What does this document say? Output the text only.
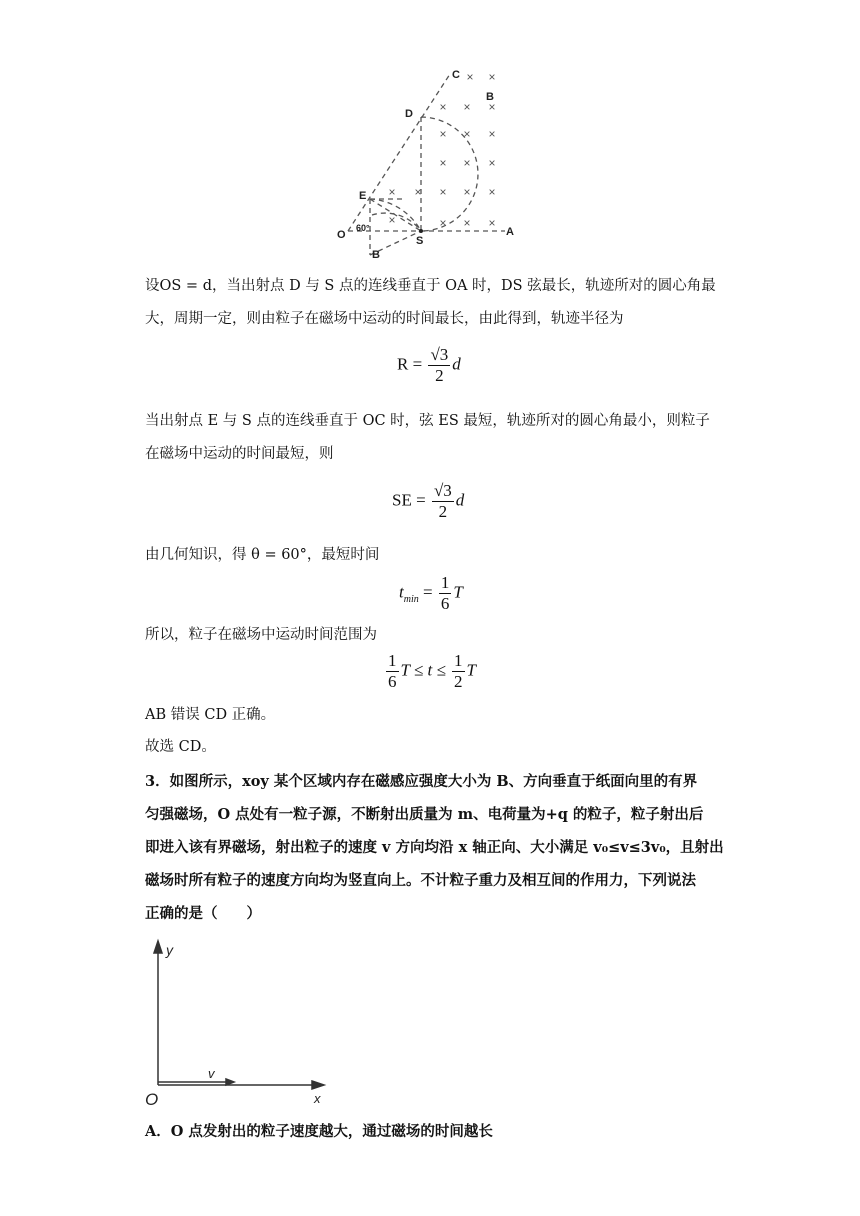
× ×
× × ×
× × ×
× × ×
× × ×
×
×
× × ×
×
C
B
D
E
O
60°
S
A
B
设OS = d，当出射点 D 与 S 点的连线垂直于 OA 时，DS 弦最长，轨迹所对的圆心角最
大，周期一定，则由粒子在磁场中运动的时间最长，由此得到，轨迹半径为
$R = \frac{√3}{2}$ d
当出射点 E 与 S 点的连线垂直于 OC 时，弦 ES 最短，轨迹所对的圆心角最小，则粒子
在磁场中运动的时间最短，则
SE = $\frac{√3}{2}$ d
由几何知识，得 θ = 60°，最短时间
$t_{min} = \frac{1}{6}$ T
所以，粒子在磁场中运动时间范围为
$\frac{1}{6}$ $T \le t \le \frac{1}{2}$ T
AB 错误 CD 正确。
故选 CD。
3．如图所示，xoy 某个区域内存在磁感应强度大小为 B、方向垂直于纸面向里的有界
匀强磁场，O 点处有一粒子源，不断射出质量为 m、电荷量为+q 的粒子，粒子射出后
即进入该有界磁场，射出粒子的速度 v 方向均沿 x 轴正向、大小满足 v₀≤v≤3v₀，且射出
磁场时所有粒子的速度方向均为竖直向上。不计粒子重力及相互间的作用力，下列说法
正确的是（　　）
y
O
v
x
A．O 点发射出的粒子速度越大，通过磁场的时间越长
